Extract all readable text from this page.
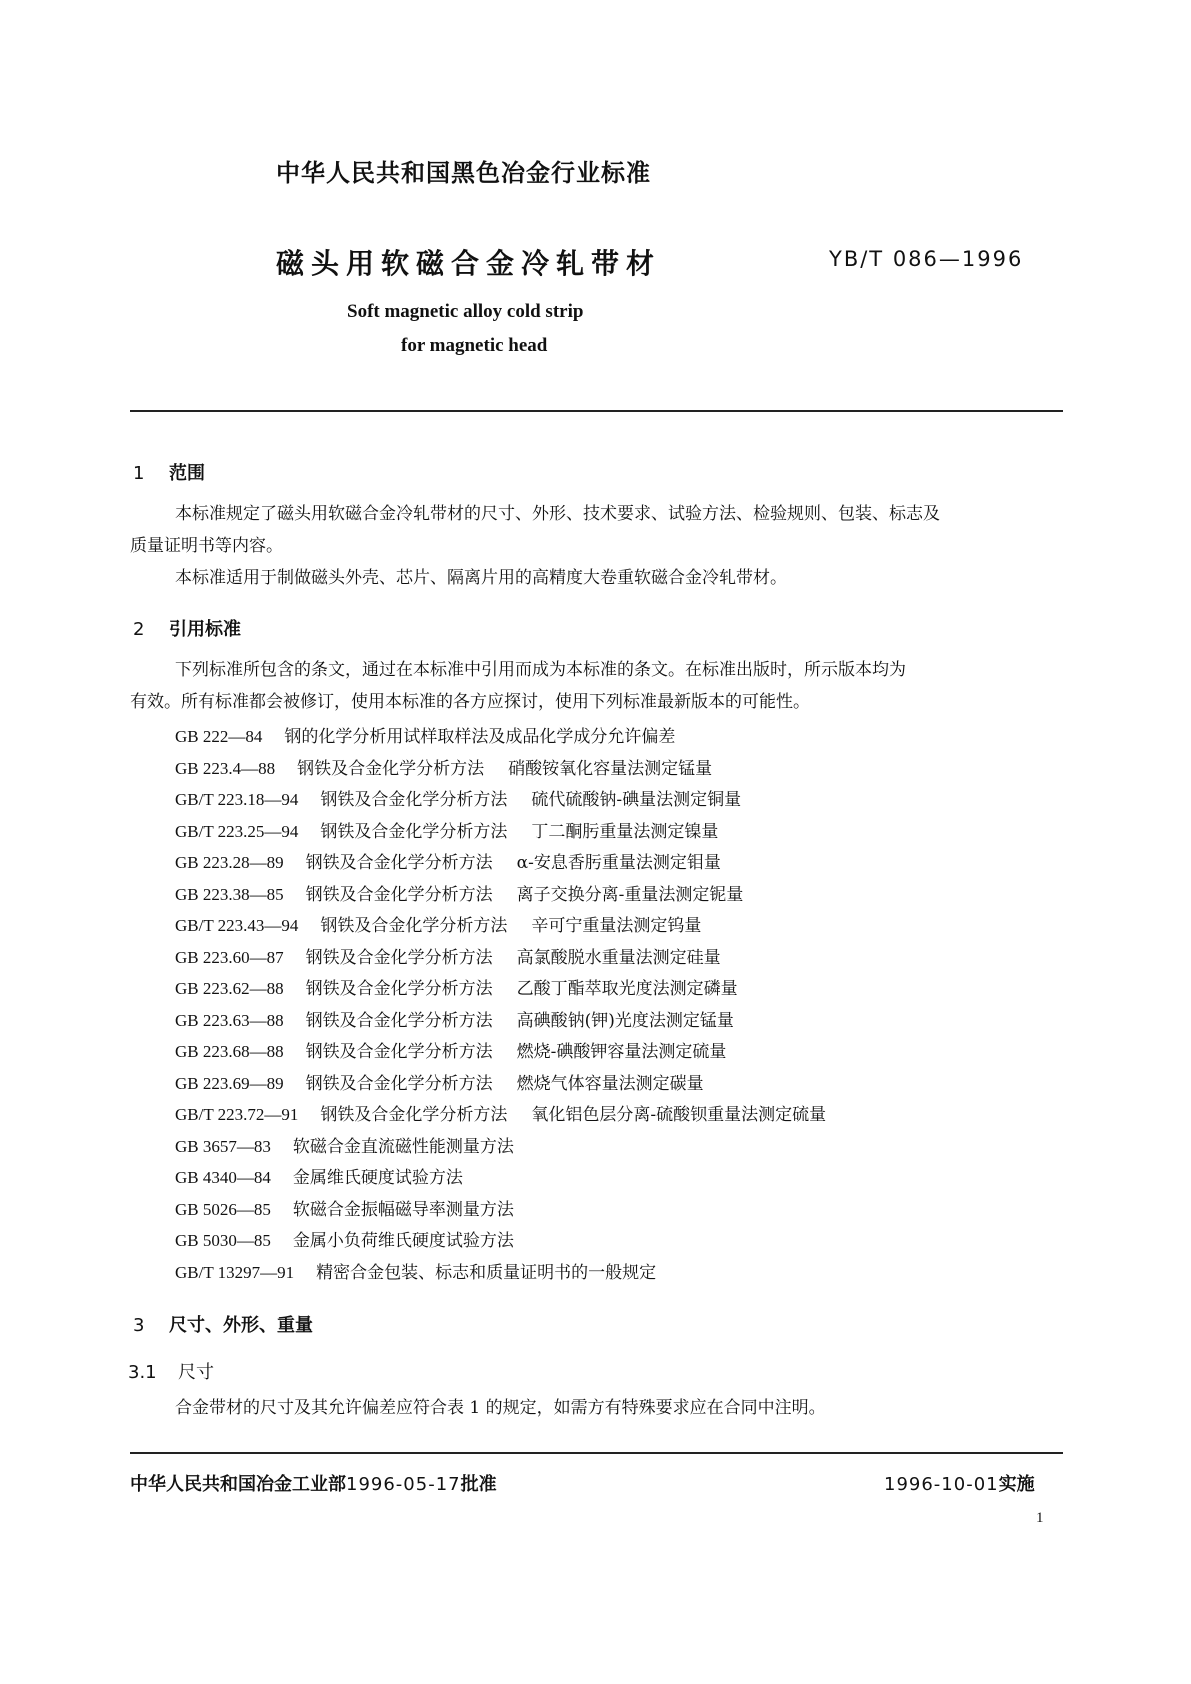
中华人民共和国黑色冶金行业标准
磁头用软磁合金冷轧带材	YB/T 086—1996
Soft magnetic alloy cold strip
for magnetic head
1 范围
本标准规定了磁头用软磁合金冷轧带材的尺寸、外形、技术要求、试验方法、检验规则、包装、标志及
质量证明书等内容。
本标准适用于制做磁头外壳、芯片、隔离片用的高精度大卷重软磁合金冷轧带材。
2 引用标准
下列标准所包含的条文，通过在本标准中引用而成为本标准的条文。在标准出版时，所示版本均为
有效。所有标准都会被修订，使用本标准的各方应探讨，使用下列标准最新版本的可能性。
GB 222—84 钢的化学分析用试样取样法及成品化学成分允许偏差
GB 223.4—88 钢铁及合金化学分析方法 硝酸铵氧化容量法测定锰量
GB/T 223.18—94 钢铁及合金化学分析方法 硫代硫酸钠-碘量法测定铜量
GB/T 223.25—94 钢铁及合金化学分析方法 丁二酮肟重量法测定镍量
GB 223.28—89 钢铁及合金化学分析方法 α-安息香肟重量法测定钼量
GB 223.38—85 钢铁及合金化学分析方法 离子交换分离-重量法测定铌量
GB/T 223.43—94 钢铁及合金化学分析方法 辛可宁重量法测定钨量
GB 223.60—87 钢铁及合金化学分析方法 高氯酸脱水重量法测定硅量
GB 223.62—88 钢铁及合金化学分析方法 乙酸丁酯萃取光度法测定磷量
GB 223.63—88 钢铁及合金化学分析方法 高碘酸钠(钾)光度法测定锰量
GB 223.68—88 钢铁及合金化学分析方法 燃烧-碘酸钾容量法测定硫量
GB 223.69—89 钢铁及合金化学分析方法 燃烧气体容量法测定碳量
GB/T 223.72—91 钢铁及合金化学分析方法 氧化铝色层分离-硫酸钡重量法测定硫量
GB 3657—83 软磁合金直流磁性能测量方法
GB 4340—84 金属维氏硬度试验方法
GB 5026—85 软磁合金振幅磁导率测量方法
GB 5030—85 金属小负荷维氏硬度试验方法
GB/T 13297—91 精密合金包装、标志和质量证明书的一般规定
3 尺寸、外形、重量
3.1 尺寸
合金带材的尺寸及其允许偏差应符合表 1 的规定，如需方有特殊要求应在合同中注明。
中华人民共和国冶金工业部1996-05-17批准	1996-10-01实施
1
